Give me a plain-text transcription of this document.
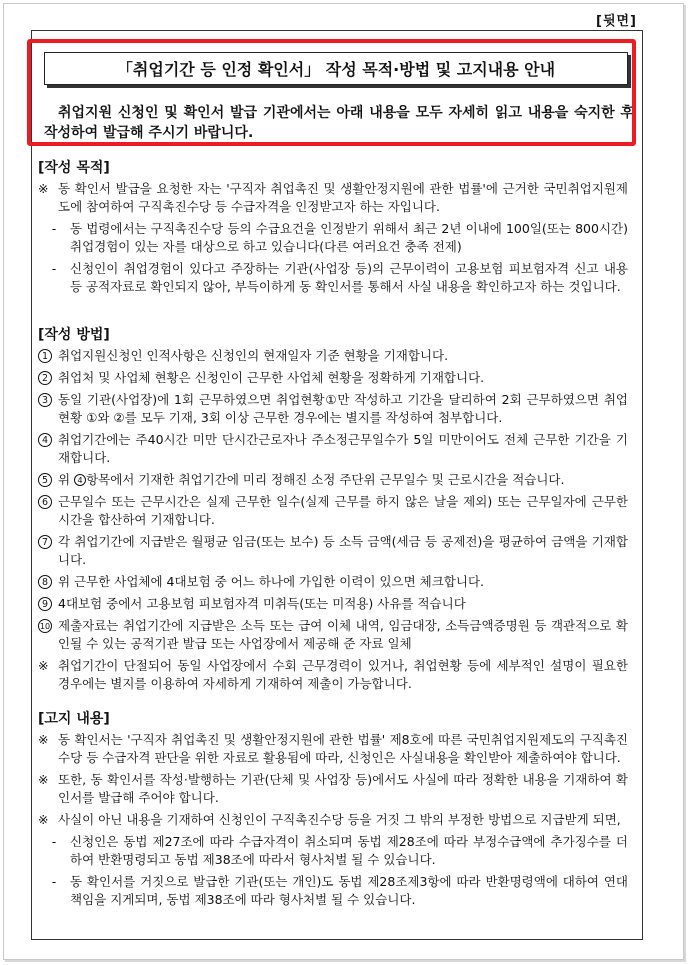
[뒷면]
「취업기간 등 인정 확인서」 작성 목적·방법 및 고지내용 안내
취업지원 신청인 및 확인서 발급 기관에서는 아래 내용을 모두 자세히 읽고 내용을 숙지한 후 작성하여 발급해 주시기 바랍니다.
[작성 목적]
※ 동 확인서 발급을 요청한 자는 '구직자 취업촉진 및 생활안정지원에 관한 법률'에 근거한 국민취업지원제도에 참여하여 구직촉진수당 등 수급자격을 인정받고자 하는 자입니다.
-	동 법령에서는 구직촉진수당 등의 수급요건을 인정받기 위해서 최근 2년 이내에 100일(또는 800시간) 취업경험이 있는 자를 대상으로 하고 있습니다(다른 여러요건 충족 전제)
-	신청인이 취업경험이 있다고 주장하는 기관(사업장 등)의 근무이력이 고용보험 피보험자격 신고 내용 등 공적자료로 확인되지 않아, 부득이하게 동 확인서를 통해서 사실 내용을 확인하고자 하는 것입니다.
[작성 방법]
1 취업지원신청인 인적사항은 신청인의 현재일자 기준 현황을 기재합니다.
2 취업처 및 사업체 현황은 신청인이 근무한 사업체 현황을 정확하게 기재합니다.
3 동일 기관(사업장)에 1회 근무하였으면 취업현황①만 작성하고 기간을 달리하여 2회 근무하였으면 취업현황 ①와 ②를 모두 기재, 3회 이상 근무한 경우에는 별지를 작성하여 첨부합니다.
4 취업기간에는 주40시간 미만 단시간근로자나 주소정근무일수가 5일 미만이어도 전체 근무한 기간을 기재합니다.
5 위 4 항목에서 기재한 취업기간에 미리 정해진 소정 주단위 근무일수 및 근로시간을 적습니다.
6 근무일수 또는 근무시간은 실제 근무한 일수(실제 근무를 하지 않은 날을 제외) 또는 근무일자에 근무한 시간을 합산하여 기재합니다.
7 각 취업기간에 지급받은 월평균 임금(또는 보수) 등 소득 금액(세금 등 공제전)을 평균하여 금액을 기재합니다.
8 위 근무한 사업체에 4대보험 중 어느 하나에 가입한 이력이 있으면 체크합니다.
9 4대보험 중에서 고용보험 피보험자격 미취득(또는 미적용) 사유를 적습니다
10 제출자료는 취업기간에 지급받은 소득 또는 급여 이체 내역, 임금대장, 소득금액증명원 등 객관적으로 확인될 수 있는 공적기관 발급 또는 사업장에서 제공해 준 자료 일체
※ 취업기간이 단절되어 동일 사업장에서 수회 근무경력이 있거나, 취업현황 등에 세부적인 설명이 필요한 경우에는 별지를 이용하여 자세하게 기재하여 제출이 가능합니다.
[고지 내용]
※ 동 확인서는 '구직자 취업촉진 및 생활안정지원에 관한 법률' 제8호에 따른 국민취업지원제도의 구직촉진수당 등 수급자격 판단을 위한 자료로 활용됨에 따라, 신청인은 사실내용을 확인받아 제출하여야 합니다.
※ 또한, 동 확인서를 작성·발행하는 기관(단체 및 사업장 등)에서도 사실에 따라 정확한 내용을 기재하여 확인서를 발급해 주어야 합니다.
※ 사실이 아닌 내용을 기재하여 신청인이 구직촉진수당 등을 거짓 그 밖의 부정한 방법으로 지급받게 되면,
-	신청인은 동법 제27조에 따라 수급자격이 취소되며 동법 제28조에 따라 부정수급액에 추가징수를 더하여 반환명령되고 동법 제38조에 따라서 형사처벌 될 수 있습니다.
-	동 확인서를 거짓으로 발급한 기관(또는 개인)도 동법 제28조제3항에 따라 반환명령액에 대하여 연대책임을 지게되며, 동법 제38조에 따라 형사처벌 될 수 있습니다.
